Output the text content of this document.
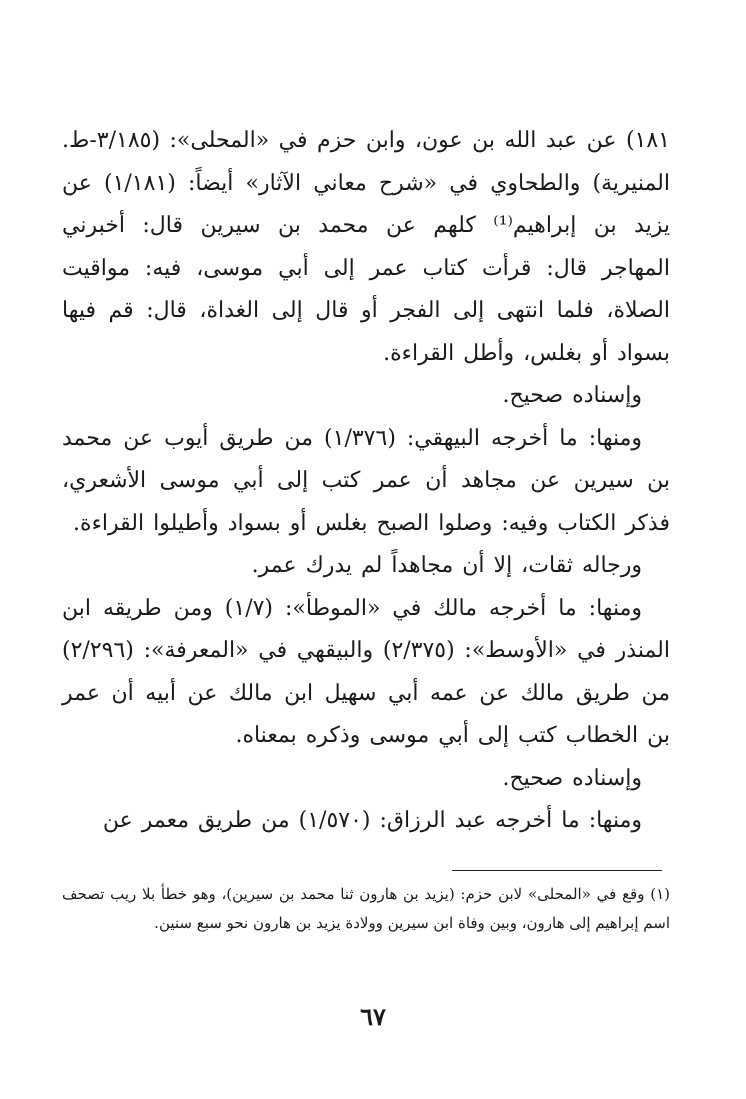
١٨١) عن عبد الله بن عون، وابن حزم في «المحلى»: (٣/١٨٥-ط. المنيرية) والطحاوي في «شرح معاني الآثار» أيضاً: (١/١٨١) عن يزيد بن إبراهيم⁽¹⁾ كلهم عن محمد بن سيرين قال: أخبرني المهاجر قال: قرأت كتاب عمر إلى أبي موسى، فيه: مواقيت الصلاة، فلما انتهى إلى الفجر أو قال إلى الغداة، قال: قم فيها بسواد أو بغلس، وأطل القراءة.

وإسناده صحيح.

ومنها: ما أخرجه البيهقي: (١/٣٧٦) من طريق أيوب عن محمد بن سيرين عن مجاهد أن عمر كتب إلى أبي موسى الأشعري، فذكر الكتاب وفيه: وصلوا الصبح بغلس أو بسواد وأطيلوا القراءة.

ورجاله ثقات، إلا أن مجاهداً لم يدرك عمر.

ومنها: ما أخرجه مالك في «الموطأ»: (١/٧) ومن طريقه ابن المنذر في «الأوسط»: (٢/٣٧٥) والبيقهي في «المعرفة»: (٢/٢٩٦) من طريق مالك عن عمه أبي سهيل ابن مالك عن أبيه أن عمر بن الخطاب كتب إلى أبي موسى وذكره بمعناه.

وإسناده صحيح.

ومنها: ما أخرجه عبد الرزاق: (١/٥٧٠) من طريق معمر عن

(١) وقع في «المحلى» لابن حزم: (يزيد بن هارون ثنا محمد بن سيرين)، وهو خطأ بلا ريب تصحف اسم إبراهيم إلى هارون، وبين وفاة ابن سيرين وولادة يزيد بن هارون نحو سبع سنين.

٦٧
